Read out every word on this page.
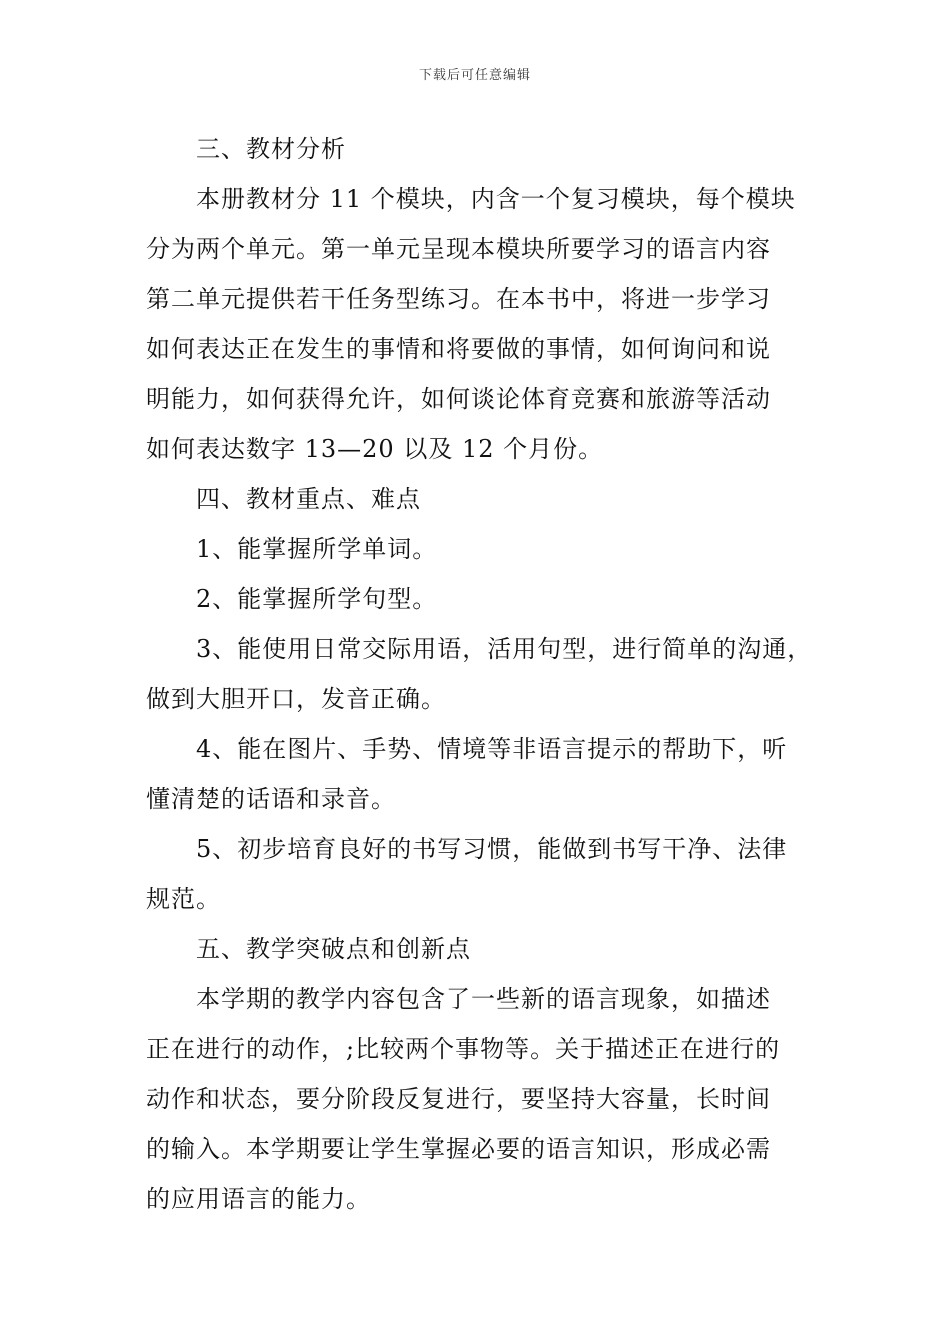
下载后可任意编辑
三、教材分析
本册教材分 11 个模块，内含一个复习模块，每个模块
分为两个单元。第一单元呈现本模块所要学习的语言内容
第二单元提供若干任务型练习。在本书中，将进一步学习
如何表达正在发生的事情和将要做的事情，如何询问和说
明能力，如何获得允许，如何谈论体育竞赛和旅游等活动
如何表达数字 13—20 以及 12 个月份。
四、教材重点、难点
1、能掌握所学单词。
2、能掌握所学句型。
3、能使用日常交际用语，活用句型，进行简单的沟通，
做到大胆开口，发音正确。
4、能在图片、手势、情境等非语言提示的帮助下，听
懂清楚的话语和录音。
5、初步培育良好的书写习惯，能做到书写干净、法律
规范。
五、教学突破点和创新点
本学期的教学内容包含了一些新的语言现象，如描述
正在进行的动作，;比较两个事物等。关于描述正在进行的
动作和状态，要分阶段反复进行，要坚持大容量，长时间
的输入。本学期要让学生掌握必要的语言知识，形成必需
的应用语言的能力。
